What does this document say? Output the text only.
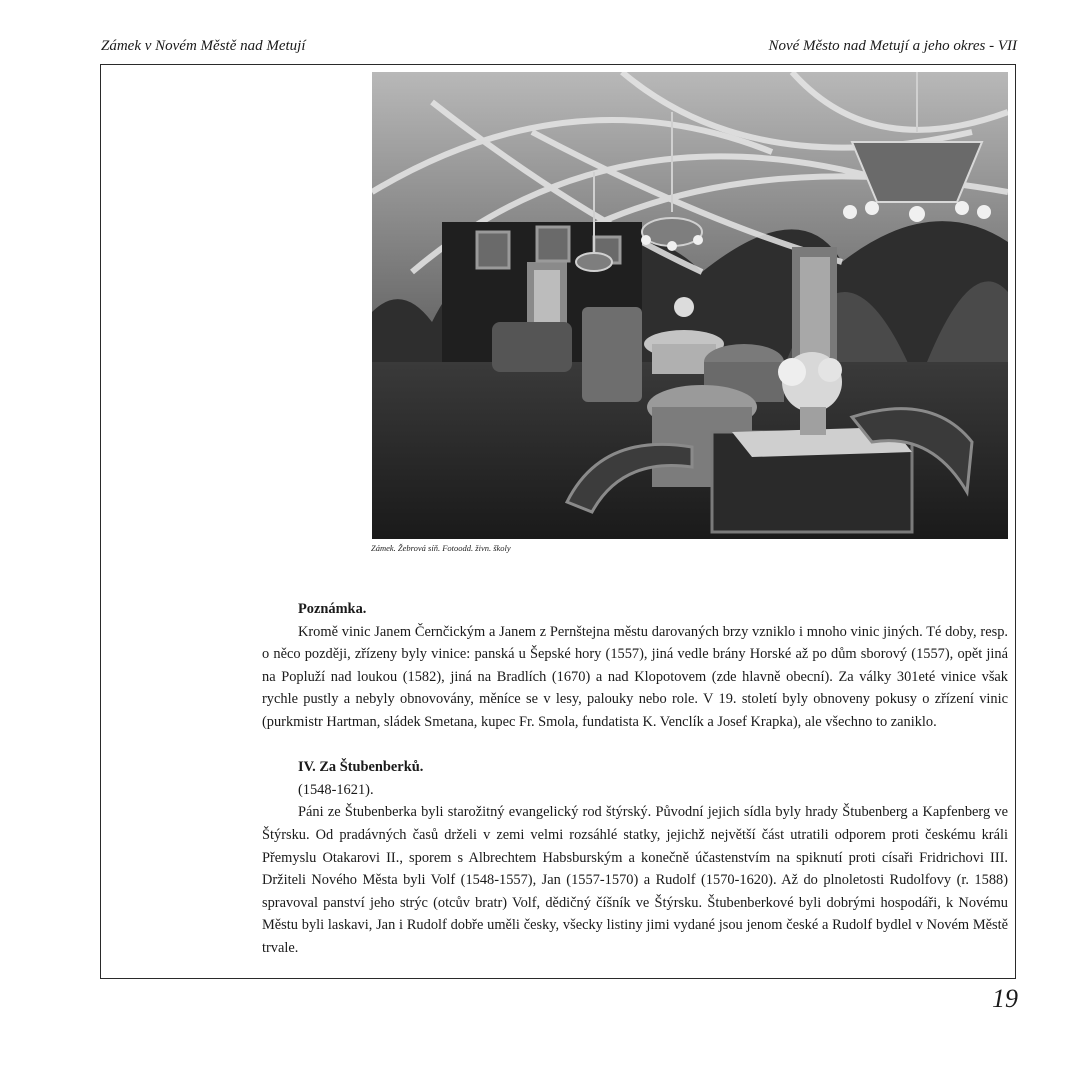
Zámek v Novém Městě nad Metují	Nové Město nad Metují a jeho okres - VII
Zámek. Žebrová síň. Fotoodd. živn. školy

Poznámka.

Kromě vinic Janem Černčickým a Janem z Pernštejna městu darovaných brzy vzniklo i mnoho vinic jiných. Té doby, resp. o něco později, zřízeny byly vinice: panská u Šepské hory (1557), jiná vedle brány Horské až po dům sborový (1557), opět jiná na Popluží nad loukou (1582), jiná na Bradlích (1670) a nad Klopotovem (zde hlavně obecní). Za války 301eté vinice však rychle pustly a nebyly obnovovány, měníce se v lesy, palouky nebo role. V 19. století byly obnoveny pokusy o zřízení vinic (purkmistr Hartman, sládek Smetana, kupec Fr. Smola, fundatista K. Venclík a Josef Krapka), ale všechno to zaniklo.

IV. Za Štubenberků.

(1548-1621).

Páni ze Štubenberka byli starožitný evangelický rod štýrský. Původní jejich sídla byly hrady Štubenberg a Kapfenberg ve Štýrsku. Od pradávných časů drželi v zemi velmi rozsáhlé statky, jejichž největší část utratili odporem proti českému králi Přemyslu Otakarovi II., sporem s Albrechtem Habsburským a konečně účastenstvím na spiknutí proti císaři Fridrichovi III. Držiteli Nového Města byli Volf (1548-1557), Jan (1557-1570) a Rudolf (1570-1620). Až do plnoletosti Rudolfovy (r. 1588) spravoval panství jeho strýc (otcův bratr) Volf, dědičný číšník ve Štýrsku. Štubenberkové byli dobrými hospodáři, k Novému Městu byli laskavi, Jan i Rudolf dobře uměli česky, všecky listiny jimi vydané jsou jenom české a Rudolf bydlel v Novém Městě trvale.

19
